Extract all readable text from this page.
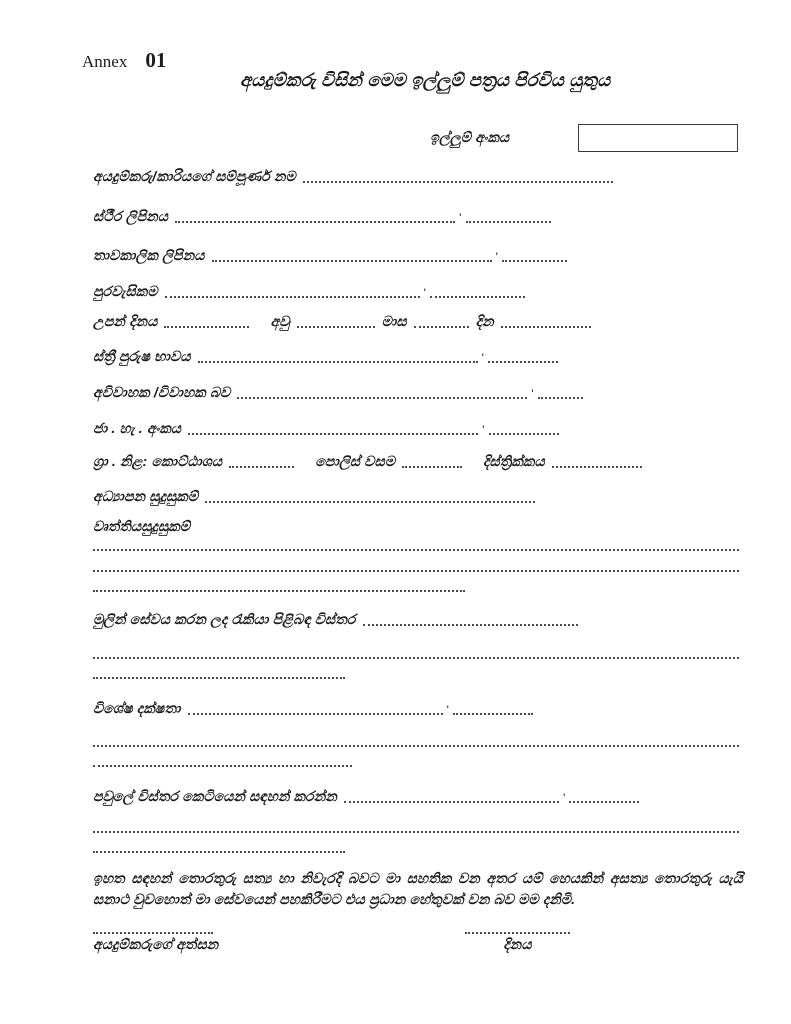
Annex 01
අයදුම්කරු විසින් මෙම ඉල්ලුම් පත්‍රය පිරවිය යුතුය
ඉල්ලුම් අංකය
අයදුම්කරු/කාරියගේ සම්පූර්ණ නම
ස්ථීර ලිපිනය	'
තාවකාලික ලිපිනය	'
පුරවැසිකම	'
උපන් දිනය	අවු	මාස	දින
ස්ත්‍රී පුරුෂ භාවය	'
අවිවාහක /විවාහක බව	'
ජා . හැ . අංකය	'
ග්‍රා . නිළ: කොට්ඨාශය	පොලිස් වසම	දිස්ත්‍රික්කය
අධ්‍යාපන සුදුසුකම්
වෘත්තියසුදුසුකම්
මුලින් සේවය කරන ලද රැකියා පිළිබඳ විස්තර
විශේෂ දක්ෂතා	'
පවුලේ විස්තර කෙටියෙන් සඳහන් කරන්න	'
ඉහත සඳහන් තොරතුරු සත්‍ය හා නිවැරදි බවට මා සහතික වන අතර යම් හෙයකින් අසත්‍ය තොරතුරු යැයි සනාථ වුවහොත් මා සේවයෙන් පහකිරීමට එය ප්‍රධාන හේතුවක් වන බව මම දනිමි.
අයදුම්කරුගේ අත්සන	දිනය
